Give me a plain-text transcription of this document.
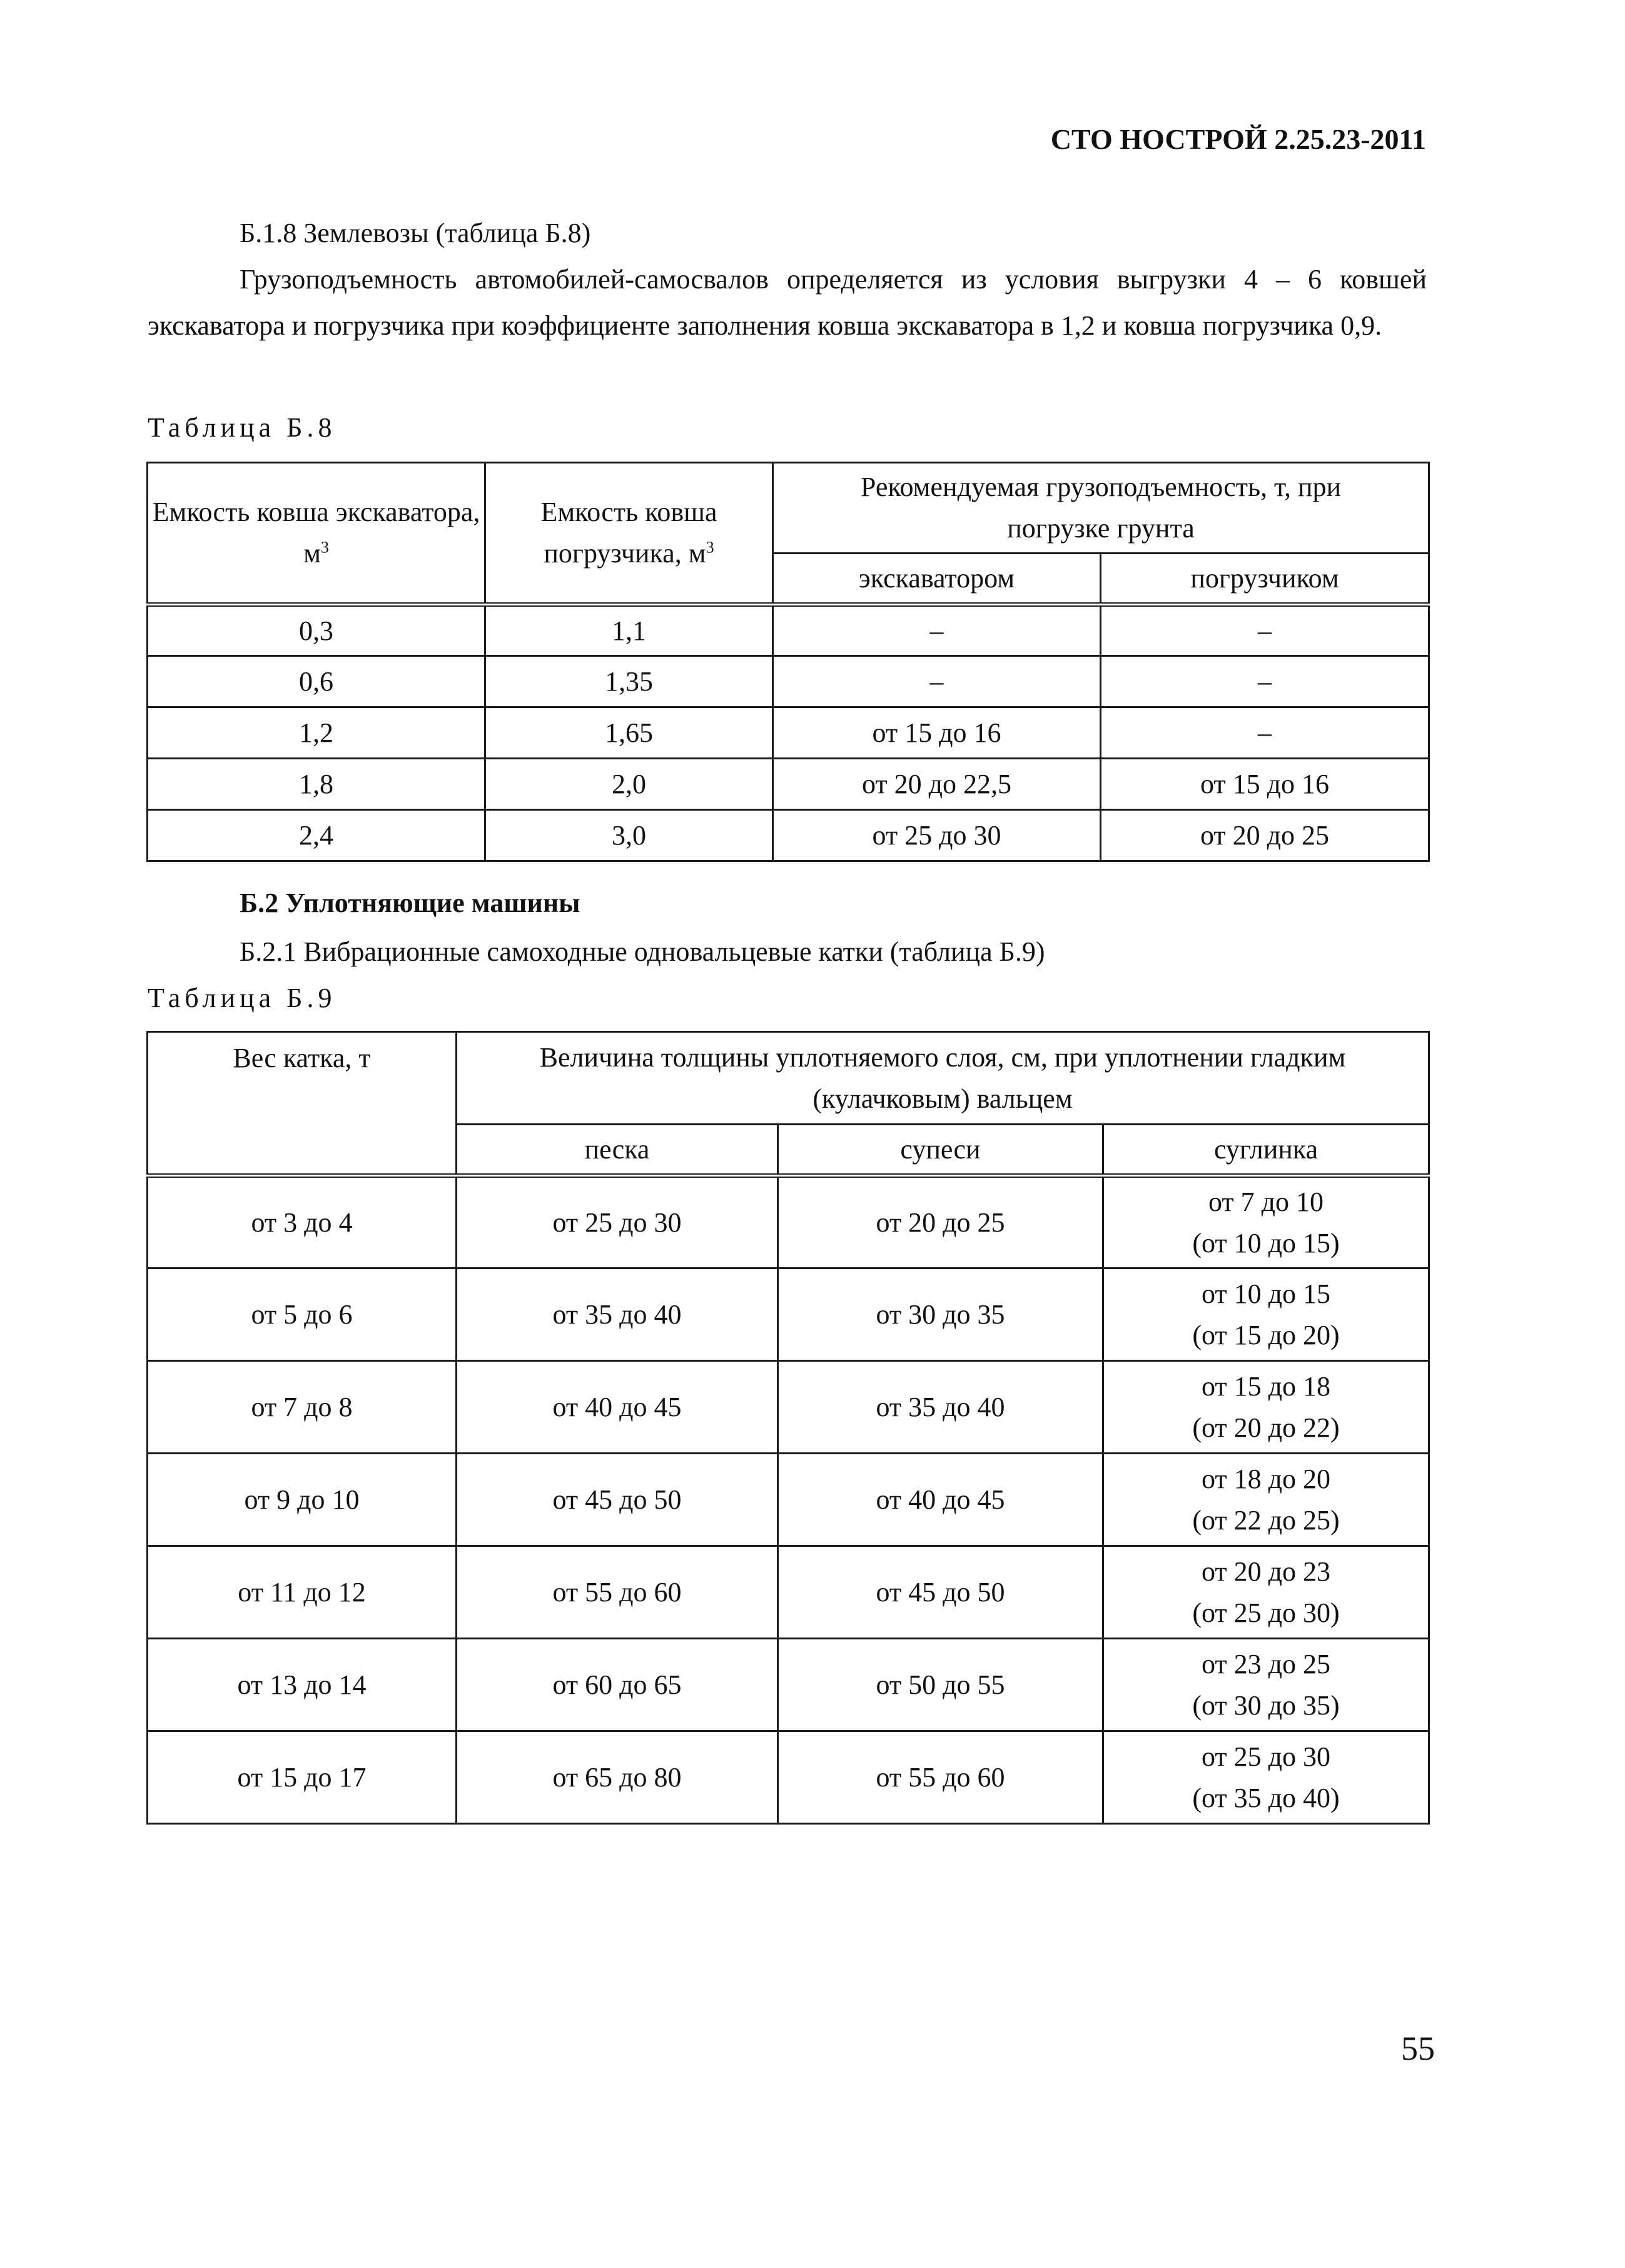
СТО НОСТРОЙ 2.25.23-2011
Б.1.8 Землевозы (таблица Б.8)
Грузоподъемность автомобилей-самосвалов определяется из условия выгрузки 4 – 6 ковшей экскаватора и погрузчика при коэффициенте заполнения ковша экскаватора в 1,2 и ковша погрузчика 0,9.
Таблица Б.8
Емкость ковша экскаватора, $м^3$	Емкость ковша погрузчика, $м^3$	Рекомендуемая грузоподъемность, т, при погрузке грунта	
		экскаватором	погрузчиком
0,3	1,1	–	–
0,6	1,35	–	–
1,2	1,65	от 15 до 16	–
1,8	2,0	от 20 до 22,5	от 15 до 16
2,4	3,0	от 25 до 30	от 20 до 25
Б.2 Уплотняющие машины
Б.2.1 Вибрационные самоходные одновальцевые катки (таблица Б.9)
Таблица Б.9
Вес катка, т	Величина толщины уплотняемого слоя, см, при уплотнении гладким
(кулачковым) вальцем		

	песка	супеси	суглинка
от 3 до 4	от 25 до 30	от 20 до 25	от 7 до 10
(от 10 до 15)

от 5 до 6	от 35 до 40	от 30 до 35	от 10 до 15
(от 15 до 20)

от 7 до 8	от 40 до 45	от 35 до 40	от 15 до 18
(от 20 до 22)

от 9 до 10	от 45 до 50	от 40 до 45	от 18 до 20
(от 22 до 25)

от 11 до 12	от 55 до 60	от 45 до 50	от 20 до 23
(от 25 до 30)

от 13 до 14	от 60 до 65	от 50 до 55	от 23 до 25
(от 30 до 35)

от 15 до 17	от 65 до 80	от 55 до 60	от 25 до 30
(от 35 до 40)
55
